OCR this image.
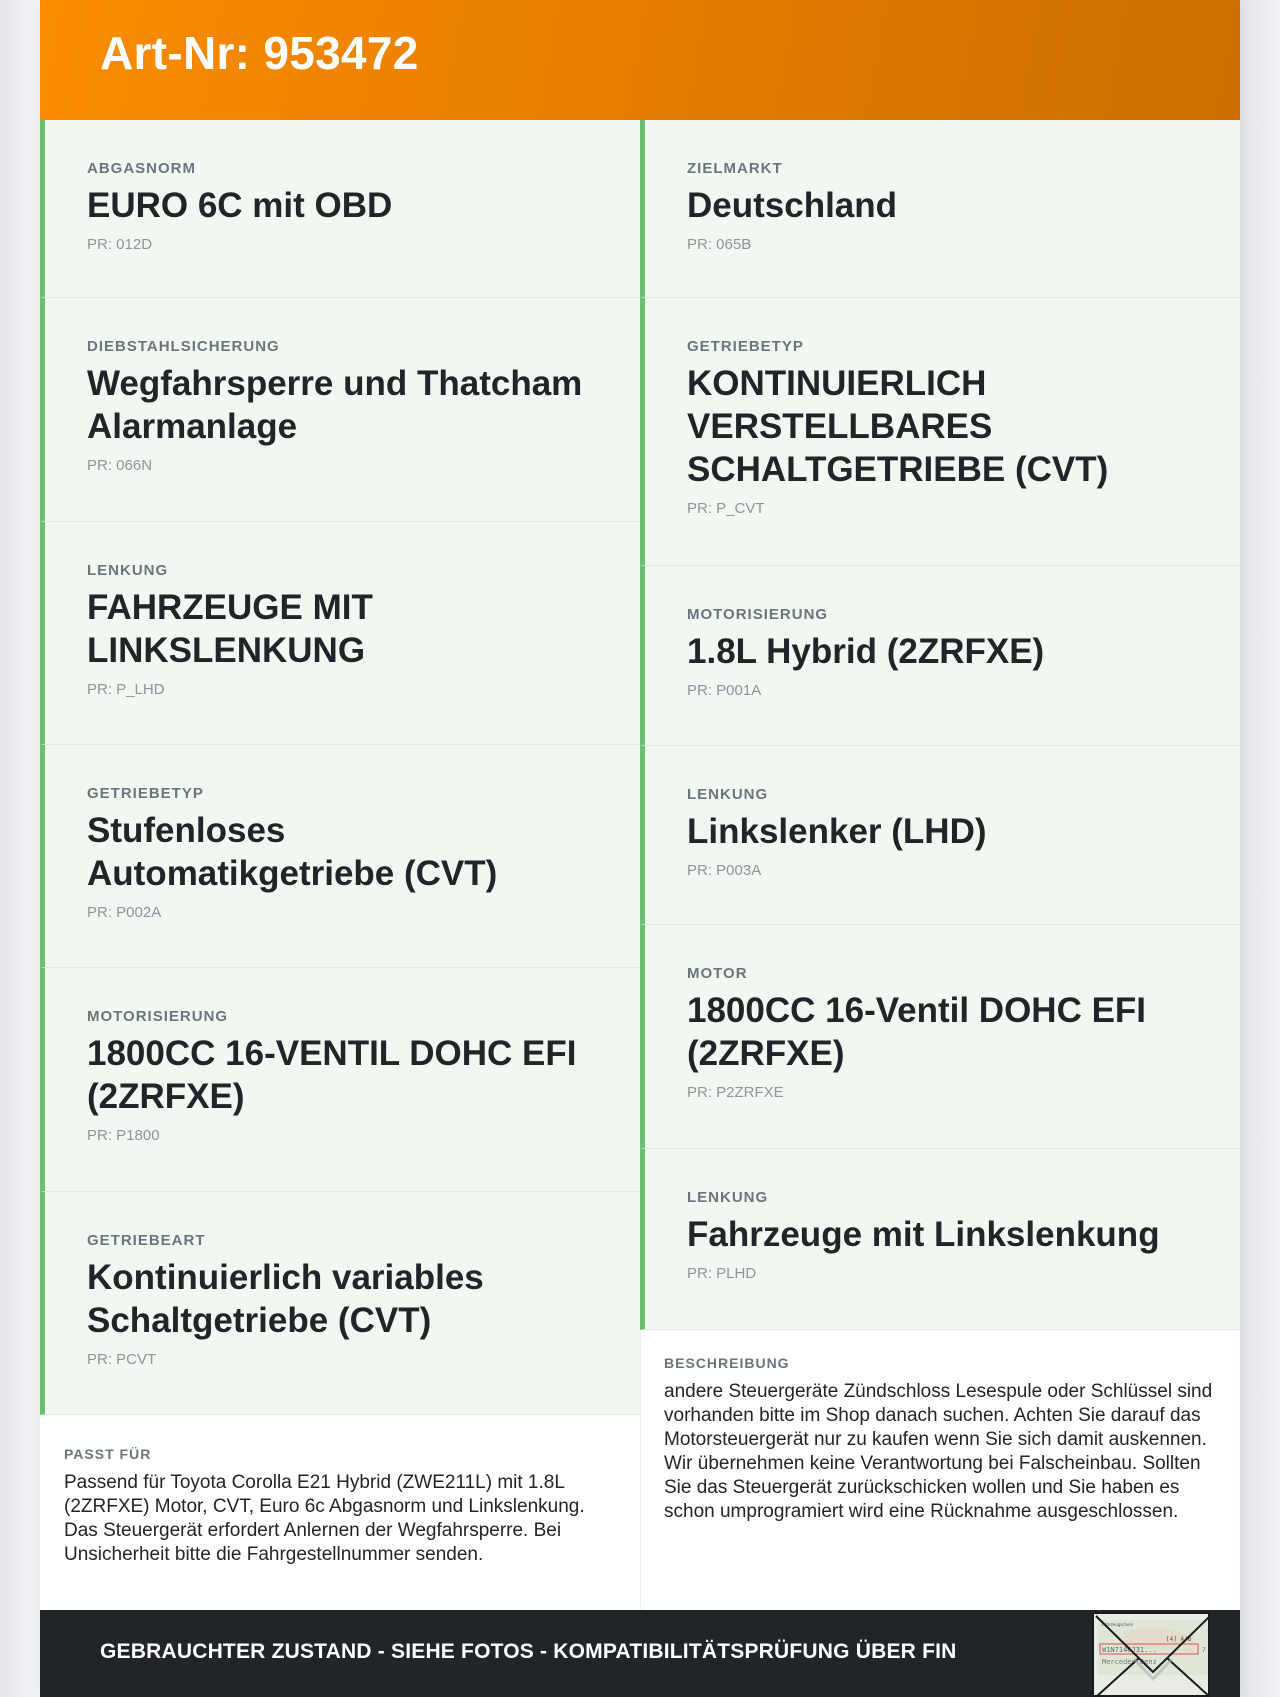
Art-Nr: 953472
ABGASNORM
EURO 6C mit OBD
PR: 012D
DIEBSTAHLSICHERUNG
Wegfahrsperre und Thatcham Alarmanlage
PR: 066N
LENKUNG
FAHRZEUGE MIT LINKSLENKUNG
PR: P_LHD
GETRIEBETYP
Stufenloses Automatikgetriebe (CVT)
PR: P002A
MOTORISIERUNG
1800CC 16-VENTIL DOHC EFI (2ZRFXE)
PR: P1800
GETRIEBEART
Kontinuierlich variables Schaltgetriebe (CVT)
PR: PCVT
ZIELMARKT
Deutschland
PR: 065B
GETRIEBETYP
KONTINUIERLICH VERSTELLBARES SCHALTGETRIEBE (CVT)
PR: P_CVT
MOTORISIERUNG
1.8L Hybrid (2ZRFXE)
PR: P001A
LENKUNG
Linkslenker (LHD)
PR: P003A
MOTOR
1800CC 16-Ventil DOHC EFI (2ZRFXE)
PR: P2ZRFXE
LENKUNG
Fahrzeuge mit Linkslenkung
PR: PLHD
PASST FÜR
Passend für Toyota Corolla E21 Hybrid (ZWE211L) mit 1.8L (2ZRFXE) Motor, CVT, Euro 6c Abgasnorm und Linkslenkung. Das Steuergerät erfordert Anlernen der Wegfahrsperre. Bei Unsicherheit bitte die Fahrgestellnummer senden.
BESCHREIBUNG
andere Steuergeräte Zündschloss Lesespule oder Schlüssel sind vorhanden bitte im Shop danach suchen. Achten Sie darauf das Motorsteuergerät nur zu kaufen wenn Sie sich damit auskennen. Wir übernehmen keine Verantwortung bei Falscheinbau. Sollten Sie das Steuergerät zurückschicken wollen und Sie haben es schon umprogramiert wird eine Rücknahme ausgeschlossen.
GEBRAUCHTER ZUSTAND - SIEHE FOTOS - KOMPATIBILITÄTSPRÜFUNG ÜBER FIN
Fahrzeugschein
[4] A/B
W1N7146J31...	7
Mercedes-Benz
